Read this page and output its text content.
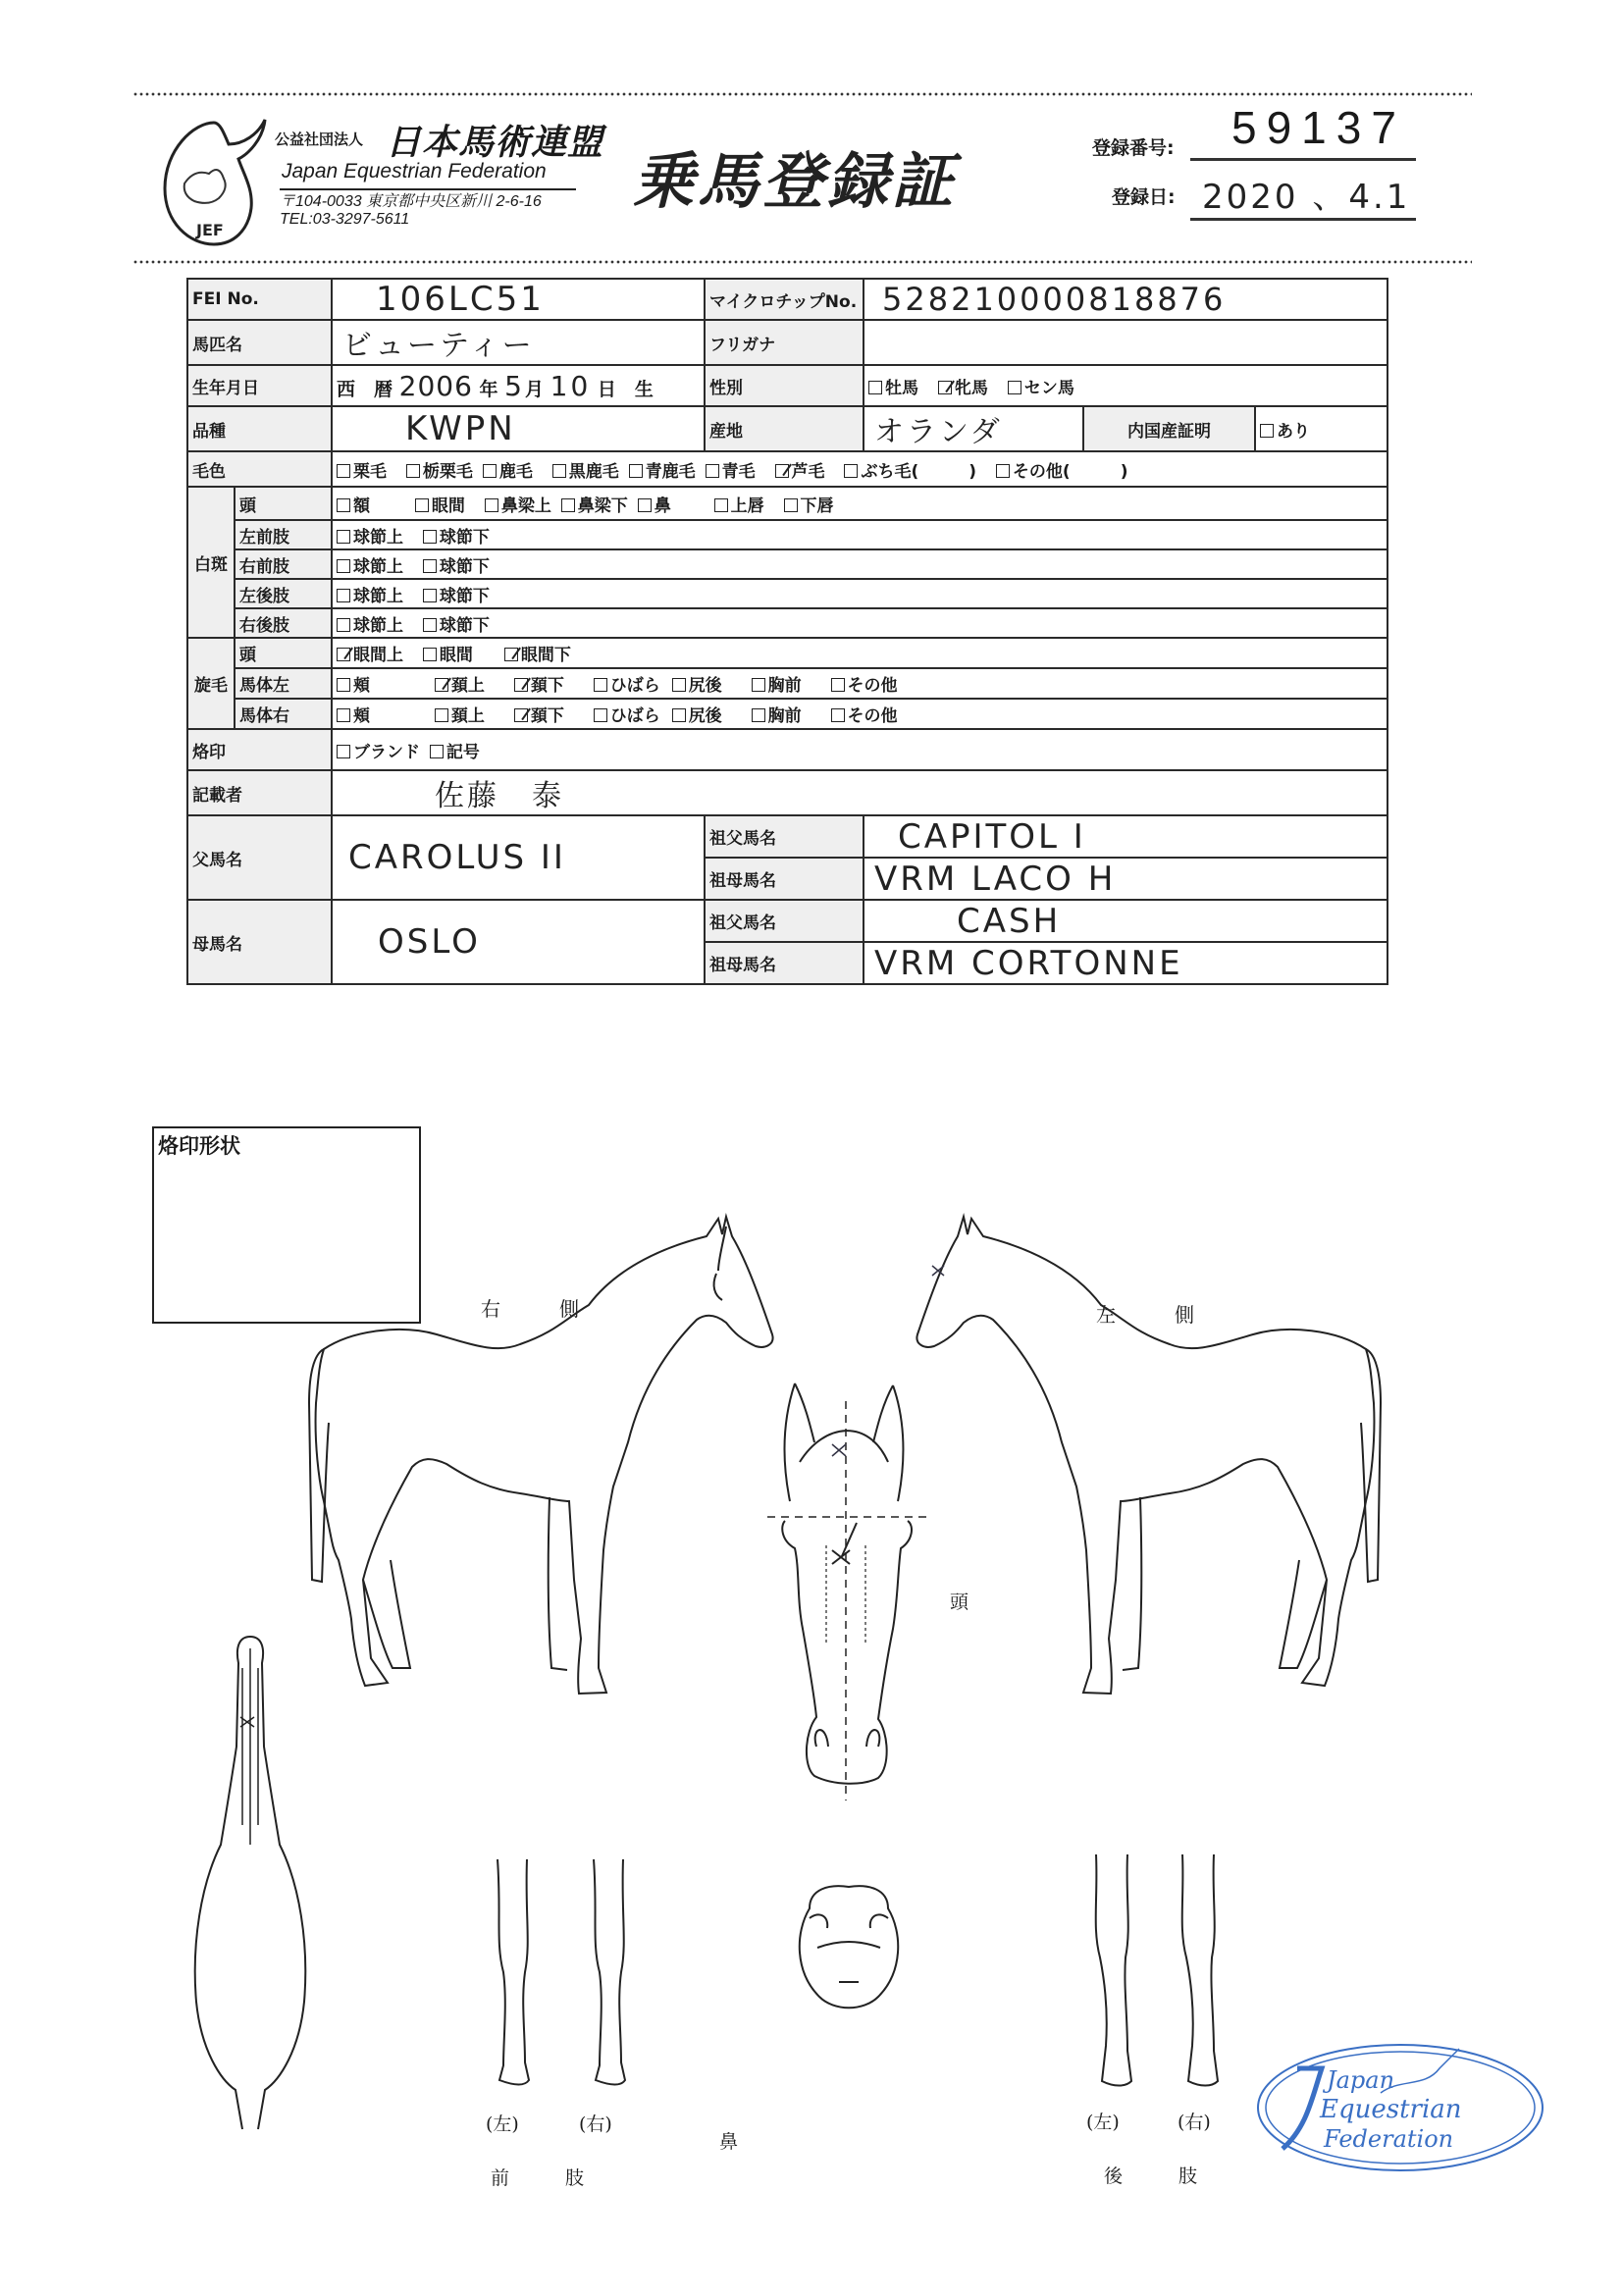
JEF
公益社団法人 日本馬術連盟
Japan Equestrian Federation
〒104-0033 東京都中央区新川 2-6-16
TEL:03-3297-5611
乗馬登録証	登録番号: 59137
登録日: 2020 、4.1
FEI No.		106LC51	マイクロチップNo.	528210000818876		
馬匹名		ビューティー	フリガナ			
生年月日		西　暦 2006 年 5月 10 日　生	性別	牡馬 牝馬 セン馬		
品種		KWPN	産地	オランダ	内国産証明	あり
毛色		栗毛 栃栗毛 鹿毛 黒鹿毛 青鹿毛 青毛 芦毛 ぶち毛(　　　) その他(　　　)				
白斑	頭	額 眼間 鼻梁上 鼻梁下 鼻 上唇 下唇				
	左前肢	球節上 球節下				
	右前肢	球節上 球節下				
	左後肢	球節上 球節下				
	右後肢	球節上 球節下				
旋毛	頭	眼間上 眼間 眼間下				
	馬体左	頬 頚上 頚下 ひばら 尻後 胸前 その他				
	馬体右	頬 頚上 頚下 ひばら 尻後 胸前 その他				
烙印		ブランド 記号				
記載者		佐藤　泰				
父馬名		CAROLUS II	祖父馬名	CAPITOL I		
			祖母馬名	VRM LACO H		
母馬名		OSLO	祖父馬名	CASH		
			祖母馬名	VRM CORTONNE		
烙印形状
右　　　側	左　　　側
頭
(左)	(右)
前　　　肢
鼻
(左)	(右)
後　　　肢
Japan
Equestrian
Federation
